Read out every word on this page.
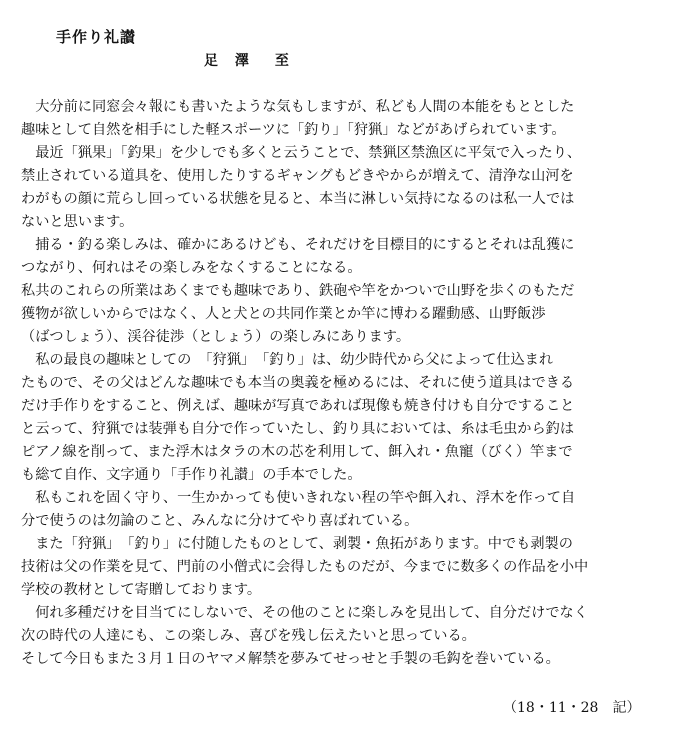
手作り礼讃
足 澤　至
　大分前に同窓会々報にも書いたような気もしますが、私ども人間の本能をもととした
趣味として自然を相手にした軽スポーツに「釣り」「狩猟」などがあげられています。
　最近「猟果」「釣果」を少しでも多くと云うことで、禁猟区禁漁区に平気で入ったり、
禁止されている道具を、使用したりするギャングもどきやからが増えて、清浄な山河を
わがもの顔に荒らし回っている状態を見ると、本当に淋しい気持になるのは私一人では
ないと思います。
　捕る・釣る楽しみは、確かにあるけども、それだけを目標目的にするとそれは乱獲に
つながり、何れはその楽しみをなくすることになる。
私共のこれらの所業はあくまでも趣味であり、鉄砲や竿をかついで山野を歩くのもただ
獲物が欲しいからではなく、人と犬との共同作業とか竿に博わる躍動感、山野飯渉
（ばつしょう）、渓谷徒渉（としょう）の楽しみにあります。
　私の最良の趣味としての　「狩猟」　「釣り」は、幼少時代から父によって仕込まれ
たもので、その父はどんな趣味でも本当の奥義を極めるには、それに使う道具はできる
だけ手作りをすること、例えば、趣味が写真であれば現像も焼き付けも自分ですること
と云って、狩猟では装弾も自分で作っていたし、釣り具においては、糸は毛虫から釣は
ピアノ線を削って、また浮木はタラの木の芯を利用して、餌入れ・魚寵（びく）竿まで
も総て自作、文字通り「手作り礼讃」の手本でした。
　私もこれを固く守り、一生かかっても使いきれない程の竿や餌入れ、浮木を作って自
分で使うのは勿論のこと、みんなに分けてやり喜ばれている。
　また「狩猟」　「釣り」に付随したものとして、剥製・魚拓があります。中でも剥製の
技術は父の作業を見て、門前の小僧式に会得したものだが、今までに数多くの作品を小中
学校の教材として寄贈しております。
　何れ多種だけを目当てにしないで、その他のことに楽しみを見出して、自分だけでなく
次の時代の人達にも、この楽しみ、喜びを残し伝えたいと思っている。
そして今日もまた３月１日のヤマメ解禁を夢みてせっせと手製の毛鈎を巻いている。
（18・11・28　記）
